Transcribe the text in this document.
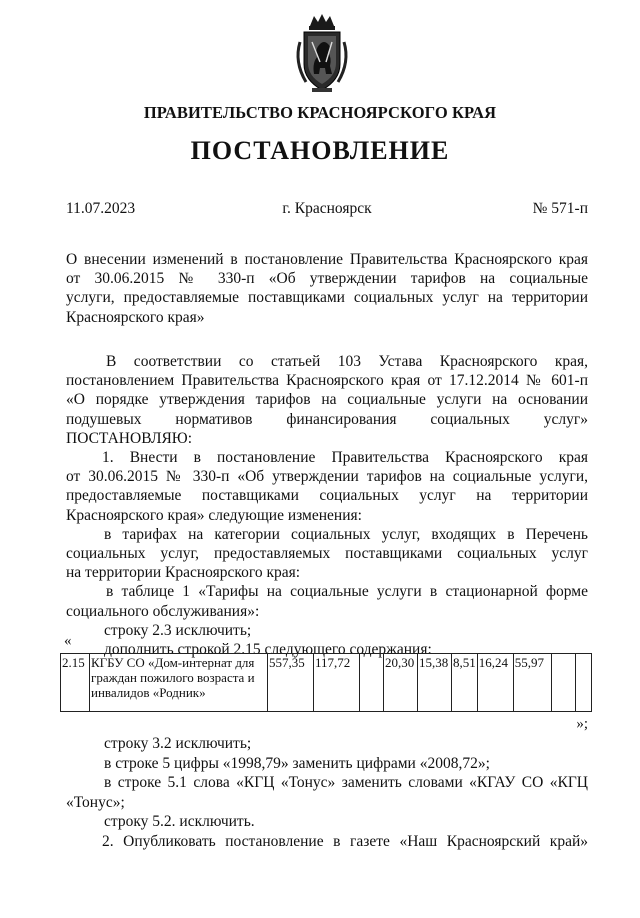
ПРАВИТЕЛЬСТВО КРАСНОЯРСКОГО КРАЯ
ПОСТАНОВЛЕНИЕ
11.07.2023	г. Красноярск	№ 571-п
О внесении изменений в постановление Правительства Красноярского края
от 30.06.2015 № 330-п «Об утверждении тарифов на социальные
услуги, предоставляемые поставщиками социальных услуг на территории
Красноярского края»
В соответствии со статьей 103 Устава Красноярского края,
постановлением Правительства Красноярского края от 17.12.2014 № 601-п
«О порядке утверждения тарифов на социальные услуги на основании
подушевых нормативов финансирования социальных услуг»
ПОСТАНОВЛЯЮ:
1. Внести в постановление Правительства Красноярского края
от 30.06.2015 № 330-п «Об утверждении тарифов на социальные услуги,
предоставляемые поставщиками социальных услуг на территории
Красноярского края» следующие изменения:
в тарифах на категории социальных услуг, входящих в Перечень
социальных услуг, предоставляемых поставщиками социальных услуг
на территории Красноярского края:
в таблице 1 «Тарифы на социальные услуги в стационарной форме
социального обслуживания»:
строку 2.3 исключить;
дополнить строкой 2.15 следующего содержания:
«
2.15	КГБУ СО «Дом-интернат для граждан пожилого возраста и инвалидов «Родник»	557,35	117,72		20,30	15,38	8,51	16,24	55,97		
»;
строку 3.2 исключить;
в строке 5 цифры «1998,79» заменить цифрами «2008,72»;
в строке 5.1 слова «КГЦ «Тонус» заменить словами «КГАУ СО «КГЦ
«Тонус»;
строку 5.2. исключить.
2. Опубликовать постановление в газете «Наш Красноярский край»
